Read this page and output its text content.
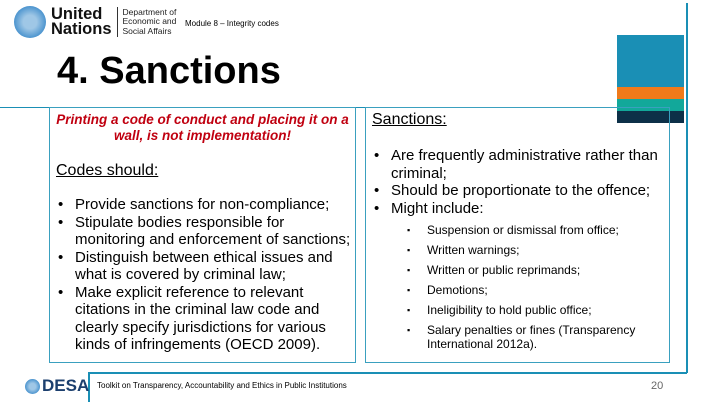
United
Nations
Department of
Economic and
Social Affairs
Module 8 – Integrity codes
4. Sanctions
Printing a code of conduct and placing it on a wall, is not implementation!
Codes should:
• Provide sanctions for non-compliance;
• Stipulate bodies responsible for monitoring and enforcement of sanctions;
• Distinguish between ethical issues and what is covered by criminal law;
• Make explicit reference to relevant citations in the criminal law code and clearly specify jurisdictions for various kinds of infringements (OECD 2009).
Sanctions:
• Are frequently administrative rather than criminal;
• Should be proportionate to the offence;
• Might include:
▪ Suspension or dismissal from office;
▪ Written warnings;
▪ Written or public reprimands;
▪ Demotions;
▪ Ineligibility to hold public office;
▪ Salary penalties or fines (Transparency International 2012a).
DESA Toolkit on Transparency, Accountability and Ethics in Public Institutions	20
